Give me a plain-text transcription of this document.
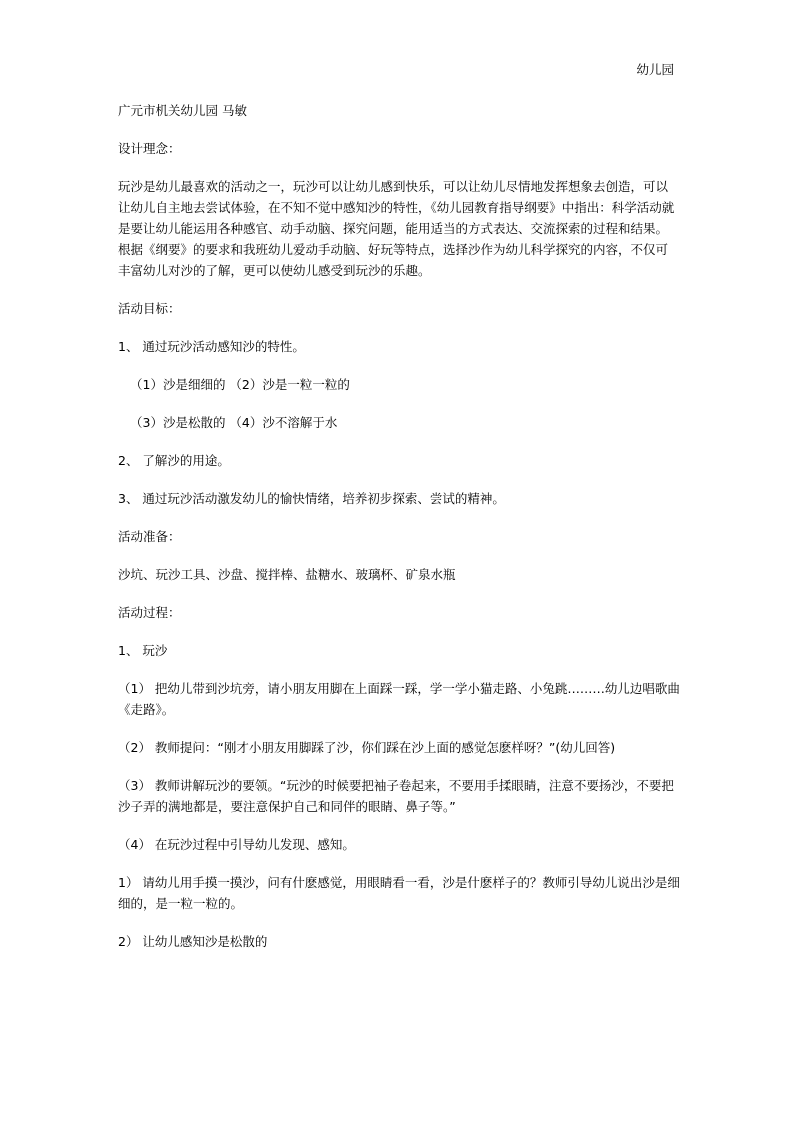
幼儿园

广元市机关幼儿园 马敏

设计理念：

玩沙是幼儿最喜欢的活动之一，玩沙可以让幼儿感到快乐，可以让幼儿尽情地发挥想象去创造，可以让幼儿自主地去尝试体验，在不知不觉中感知沙的特性，《幼儿园教育指导纲要》中指出：科学活动就是要让幼儿能运用各种感官、动手动脑、探究问题，能用适当的方式表达、交流探索的过程和结果。根据《纲要》的要求和我班幼儿爱动手动脑、好玩等特点，选择沙作为幼儿科学探究的内容，不仅可丰富幼儿对沙的了解，更可以使幼儿感受到玩沙的乐趣。

活动目标：

1、 通过玩沙活动感知沙的特性。

（1）沙是细细的 （2）沙是一粒一粒的

（3）沙是松散的 （4）沙不溶解于水

2、 了解沙的用途。

3、 通过玩沙活动激发幼儿的愉快情绪，培养初步探索、尝试的精神。

活动准备：

沙坑、玩沙工具、沙盘、搅拌棒、盐糖水、玻璃杯、矿泉水瓶

活动过程：

1、 玩沙

（1） 把幼儿带到沙坑旁，请小朋友用脚在上面踩一踩，学一学小猫走路、小兔跳………幼儿边唱歌曲《走路》。

（2） 教师提问：“刚才小朋友用脚踩了沙，你们踩在沙上面的感觉怎麽样呀？”(幼儿回答)

（3） 教师讲解玩沙的要领。“玩沙的时候要把袖子卷起来，不要用手揉眼睛，注意不要扬沙，不要把沙子弄的满地都是，要注意保护自己和同伴的眼睛、鼻子等。”

（4） 在玩沙过程中引导幼儿发现、感知。

1） 请幼儿用手摸一摸沙，问有什麽感觉，用眼睛看一看，沙是什麽样子的？教师引导幼儿说出沙是细细的，是一粒一粒的。

2） 让幼儿感知沙是松散的
